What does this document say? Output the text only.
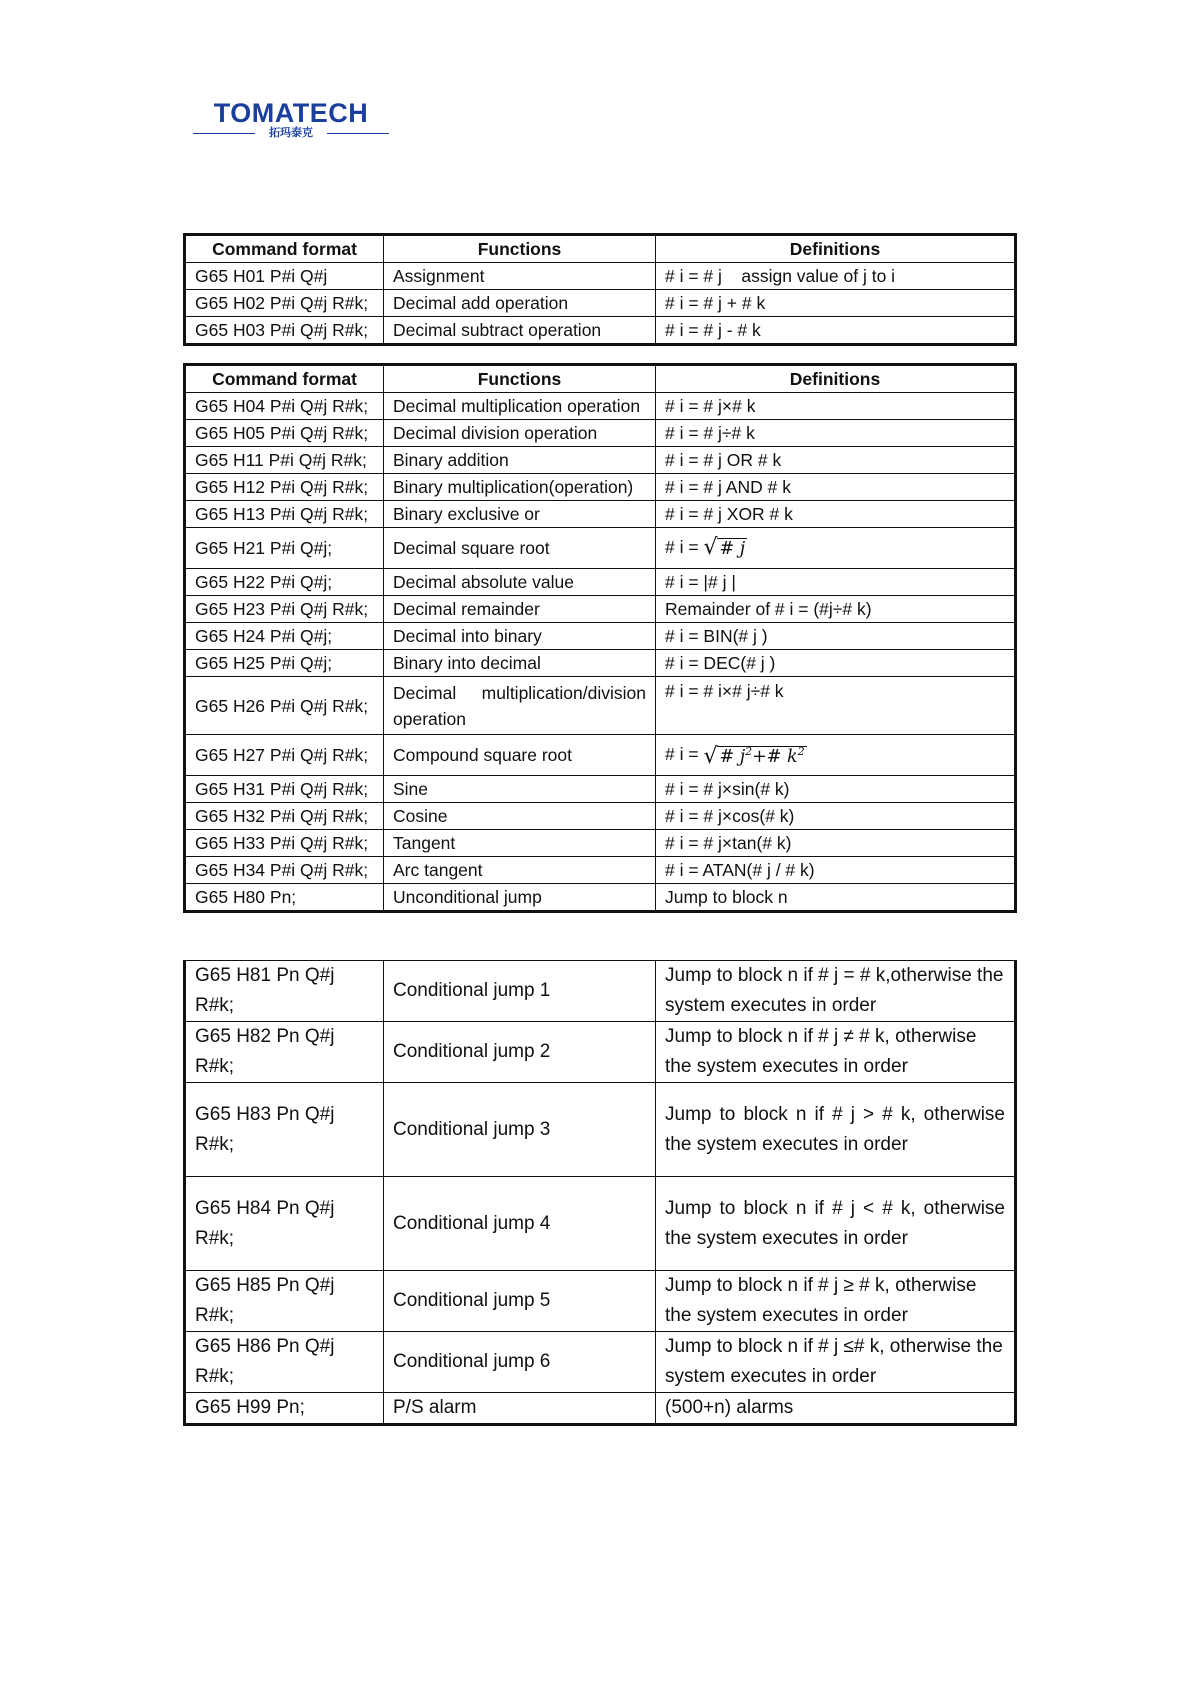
TOMATECH
拓玛泰克
Command format	Functions	Definitions
G65 H01 P#i Q#j	Assignment	# i = # j    assign value of j to i
G65 H02 P#i Q#j R#k;	Decimal add operation	# i = # j + # k
G65 H03 P#i Q#j R#k;	Decimal subtract operation	# i = # j - # k
Command format	Functions	Definitions
G65 H04 P#i Q#j R#k;	Decimal multiplication operation	# i = # j×# k
G65 H05 P#i Q#j R#k;	Decimal division operation	# i = # j÷# k
G65 H11 P#i Q#j R#k;	Binary addition	# i = # j OR # k
G65 H12 P#i Q#j R#k;	Binary multiplication(operation)	# i = # j AND # k
G65 H13 P#i Q#j R#k;	Binary exclusive or	# i = # j XOR # k
G65 H21 P#i Q#j;	Decimal square root	# i = √ # j
G65 H22 P#i Q#j;	Decimal absolute value	# i = |# j |
G65 H23 P#i Q#j R#k;	Decimal remainder	Remainder of # i = (#j÷# k)
G65 H24 P#i Q#j;	Decimal into binary	# i = BIN(# j )
G65 H25 P#i Q#j;	Binary into decimal	# i = DEC(# j )
G65 H26 P#i Q#j R#k;	Decimal multiplication/division operation	# i = # i×# j÷# k
G65 H27 P#i Q#j R#k;	Compound square root	# i = √ # $j^2+\#$ $k^2$
G65 H31 P#i Q#j R#k;	Sine	# i = # j×sin(# k)
G65 H32 P#i Q#j R#k;	Cosine	# i = # j×cos(# k)
G65 H33 P#i Q#j R#k;	Tangent	# i = # j×tan(# k)
G65 H34 P#i Q#j R#k;	Arc tangent	# i = ATAN(# j / # k)
G65 H80 Pn;	Unconditional jump	Jump to block n
G65 H81 Pn Q#j R#k;	Conditional jump 1	Jump to block n if # j = # k,otherwise the system executes in order
G65 H82 Pn Q#j R#k;	Conditional jump 2	Jump to block n if # j ≠ # k, otherwise the system executes in order
G65 H83 Pn Q#j R#k;	Conditional jump 3	Jump to block n if # j > # k, otherwise the system executes in order
G65 H84 Pn Q#j R#k;	Conditional jump 4	Jump to block n if # j < # k, otherwise the system executes in order
G65 H85 Pn Q#j R#k;	Conditional jump 5	Jump to block n if # j ≥ # k, otherwise the system executes in order
G65 H86 Pn Q#j R#k;	Conditional jump 6	Jump to block n if # j ≤# k, otherwise the system executes in order
G65 H99 Pn;	P/S alarm	(500+n) alarms
